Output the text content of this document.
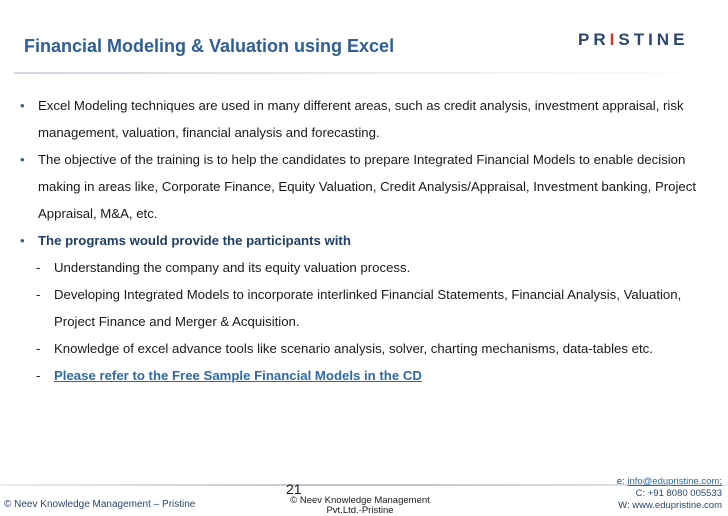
Financial Modeling & Valuation using Excel	PRISTINE
• Excel Modeling techniques are used in many different areas, such as credit analysis, investment appraisal, risk management, valuation, financial analysis and forecasting.

• The objective of the training is to help the candidates to prepare Integrated Financial Models to enable decision making in areas like, Corporate Finance, Equity Valuation, Credit Analysis/Appraisal, Investment banking, Project Appraisal, M&A, etc.

• The programs would provide the participants with

- Understanding the company and its equity valuation process.

- Developing Integrated Models to incorporate interlinked Financial Statements, Financial Analysis, Valuation, Project Finance and Merger & Acquisition.

- Knowledge of excel advance tools like scenario analysis, solver, charting mechanisms, data-tables etc.

- Please refer to the Free Sample Financial Models in the CD

© Neev Knowledge Management – Pristine
21
© Neev Knowledge Management
Pvt.Ltd.-Pristine
e: info@edupristine.com;
C: +91 8080 005533
W: www.edupristine.com
